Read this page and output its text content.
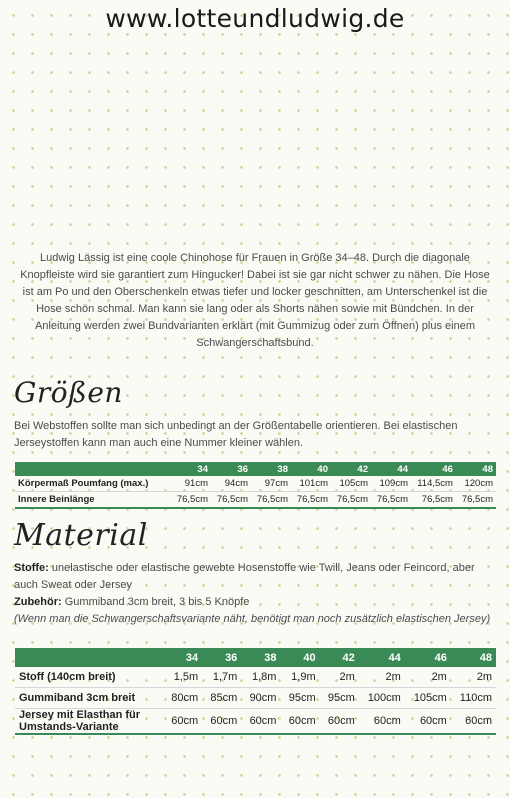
www.lotteundludwig.de
Ludwig Lässig ist eine coole Chinohose für Frauen in Größe 34–48. Durch die diagonale Knopfleiste wird sie garantiert zum Hingucker! Dabei ist sie gar nicht schwer zu nähen. Die Hose ist am Po und den Oberschenkeln etwas tiefer und locker geschnitten, am Unterschenkel ist die Hose schön schmal. Man kann sie lang oder als Shorts nähen sowie mit Bündchen. In der Anleitung werden zwei Bundvarianten erklärt (mit Gummizug oder zum Öffnen) plus einem Schwangerschaftsbund.
Größen
Bei Webstoffen sollte man sich unbedingt an der Größentabelle orientieren. Bei elastischen Jerseystoffen kann man auch eine Nummer kleiner wählen.
	34	36	38	40	42	44	46	48
Körpermaß Poumfang (max.)	91cm	94cm	97cm	101cm	105cm	109cm	114,5cm	120cm
Innere Beinlänge	76,5cm	76,5cm	76,5cm	76,5cm	76,5cm	76,5cm	76,5cm	76,5cm
Material
Stoffe: unelastische oder elastische gewebte Hosenstoffe wie Twill, Jeans oder Feincord, aber auch Sweat oder Jersey
Zubehör: Gummiband 3cm breit, 3 bis 5 Knöpfe
(Wenn man die Schwangerschaftsvariante näht, benötigt man noch zusätzlich elastischen Jersey)
	34	36	38	40	42	44	46	48
Stoff (140cm breit)	1,5m	1,7m	1,8m	1,9m	2m	2m	2m	2m
Gummiband 3cm breit	80cm	85cm	90cm	95cm	95cm	100cm	105cm	110cm
Jersey mit Elasthan für Umstands-Variante	60cm	60cm	60cm	60cm	60cm	60cm	60cm	60cm
